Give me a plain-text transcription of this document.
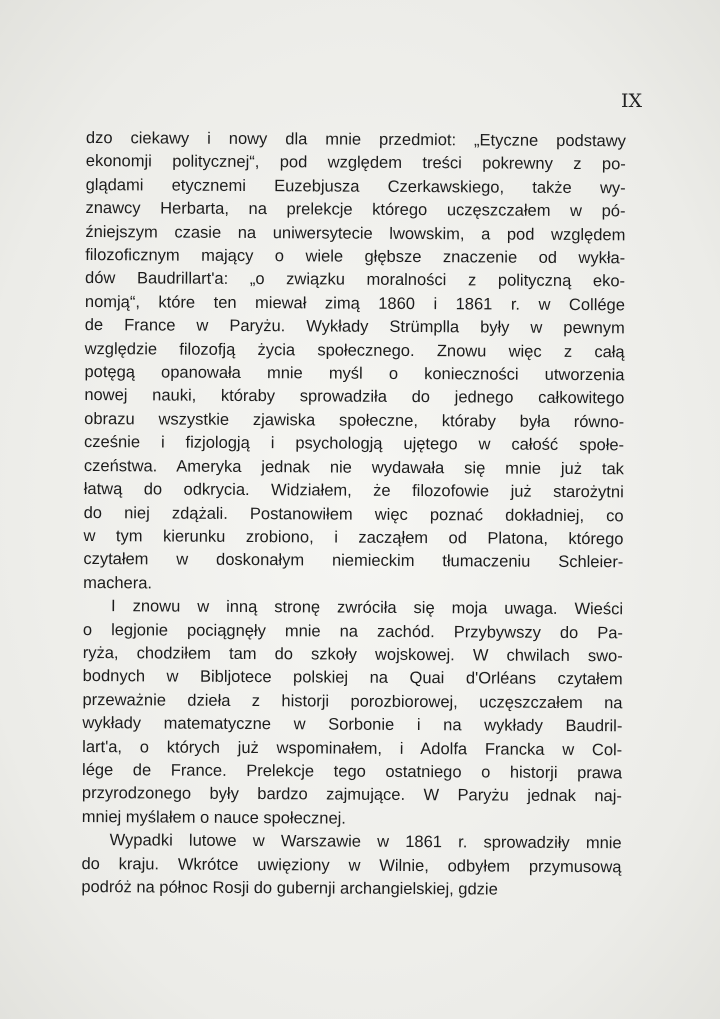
IX
dzo ciekawy i nowy dla mnie przedmiot: „Etyczne podstawy
ekonomji politycznej“, pod względem treści pokrewny z po-
glądami etycznemi Euzebjusza Czerkawskiego, także wy-
znawcy Herbarta, na prelekcje którego uczęszczałem w pó-
źniejszym czasie na uniwersytecie lwowskim, a pod względem
filozoficznym mający o wiele głębsze znaczenie od wykła-
dów Baudrillart'a: „o związku moralności z polityczną eko-
nomją“, które ten miewał zimą 1860 i 1861 r. w Collége
de France w Paryżu. Wykłady Strümplla były w pewnym
względzie filozofją życia społecznego. Znowu więc z całą
potęgą opanowała mnie myśl o konieczności utworzenia
nowej nauki, któraby sprowadziła do jednego całkowitego
obrazu wszystkie zjawiska społeczne, któraby była równo-
cześnie i fizjologją i psychologją ujętego w całość społe-
czeństwa. Ameryka jednak nie wydawała się mnie już tak
łatwą do odkrycia. Widziałem, że filozofowie już starożytni
do niej zdążali. Postanowiłem więc poznać dokładniej, co
w tym kierunku zrobiono, i zacząłem od Platona, którego
czytałem w doskonałym niemieckim tłumaczeniu Schleier-
machera.
I znowu w inną stronę zwróciła się moja uwaga. Wieści
o legjonie pociągnęły mnie na zachód. Przybywszy do Pa-
ryża, chodziłem tam do szkoły wojskowej. W chwilach swo-
bodnych w Bibljotece polskiej na Quai d'Orléans czytałem
przeważnie dzieła z historji porozbiorowej, uczęszczałem na
wykłady matematyczne w Sorbonie i na wykłady Baudril-
lart'a, o których już wspominałem, i Adolfa Francka w Col-
lége de France. Prelekcje tego ostatniego o historji prawa
przyrodzonego były bardzo zajmujące. W Paryżu jednak naj-
mniej myślałem o nauce społecznej.
Wypadki lutowe w Warszawie w 1861 r. sprowadziły mnie
do kraju. Wkrótce uwięziony w Wilnie, odbyłem przymusową
podróż na północ Rosji do gubernji archangielskiej, gdzie
